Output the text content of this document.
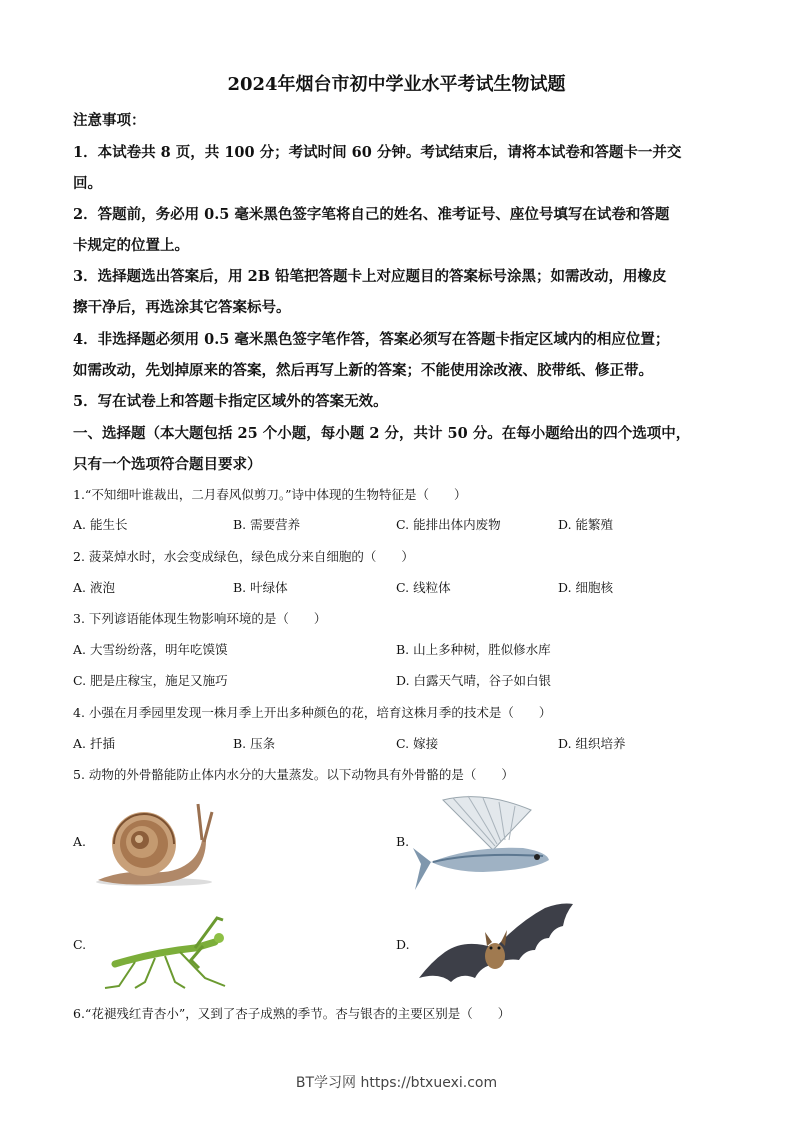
2024年烟台市初中学业水平考试生物试题
注意事项：
1．本试卷共 8 页，共 100 分；考试时间 60 分钟。考试结束后，请将本试卷和答题卡一并交
回。
2．答题前，务必用 0.5 毫米黑色签字笔将自己的姓名、准考证号、座位号填写在试卷和答题
卡规定的位置上。
3．选择题选出答案后，用 2B 铅笔把答题卡上对应题目的答案标号涂黑；如需改动，用橡皮
擦干净后，再选涂其它答案标号。
4．非选择题必须用 0.5 毫米黑色签字笔作答，答案必须写在答题卡指定区域内的相应位置；
如需改动，先划掉原来的答案，然后再写上新的答案；不能使用涂改液、胶带纸、修正带。
5．写在试卷上和答题卡指定区域外的答案无效。
一、选择题（本大题包括 25 个小题，每小题 2 分，共计 50 分。在每小题给出的四个选项中，
只有一个选项符合题目要求）
1.“不知细叶谁裁出，二月春风似剪刀。”诗中体现的生物特征是（　　）
A. 能生长	B. 需要营养	C. 能排出体内废物	D. 能繁殖
2. 菠菜焯水时，水会变成绿色，绿色成分来自细胞的（　　）
A. 液泡	B. 叶绿体	C. 线粒体	D. 细胞核
3. 下列谚语能体现生物影响环境的是（　　）
A. 大雪纷纷落，明年吃馍馍	B. 山上多种树，胜似修水库
C. 肥是庄稼宝，施足又施巧	D. 白露天气晴，谷子如白银
4. 小强在月季园里发现一株月季上开出多种颜色的花，培育这株月季的技术是（　　）
A. 扦插	B. 压条	C. 嫁接	D. 组织培养
5. 动物的外骨骼能防止体内水分的大量蒸发。以下动物具有外骨骼的是（　　）
A.	B.
C.	D.
6.“花褪残红青杏小”，又到了杏子成熟的季节。杏与银杏的主要区别是（　　）
BT学习网 https://btxuexi.com
